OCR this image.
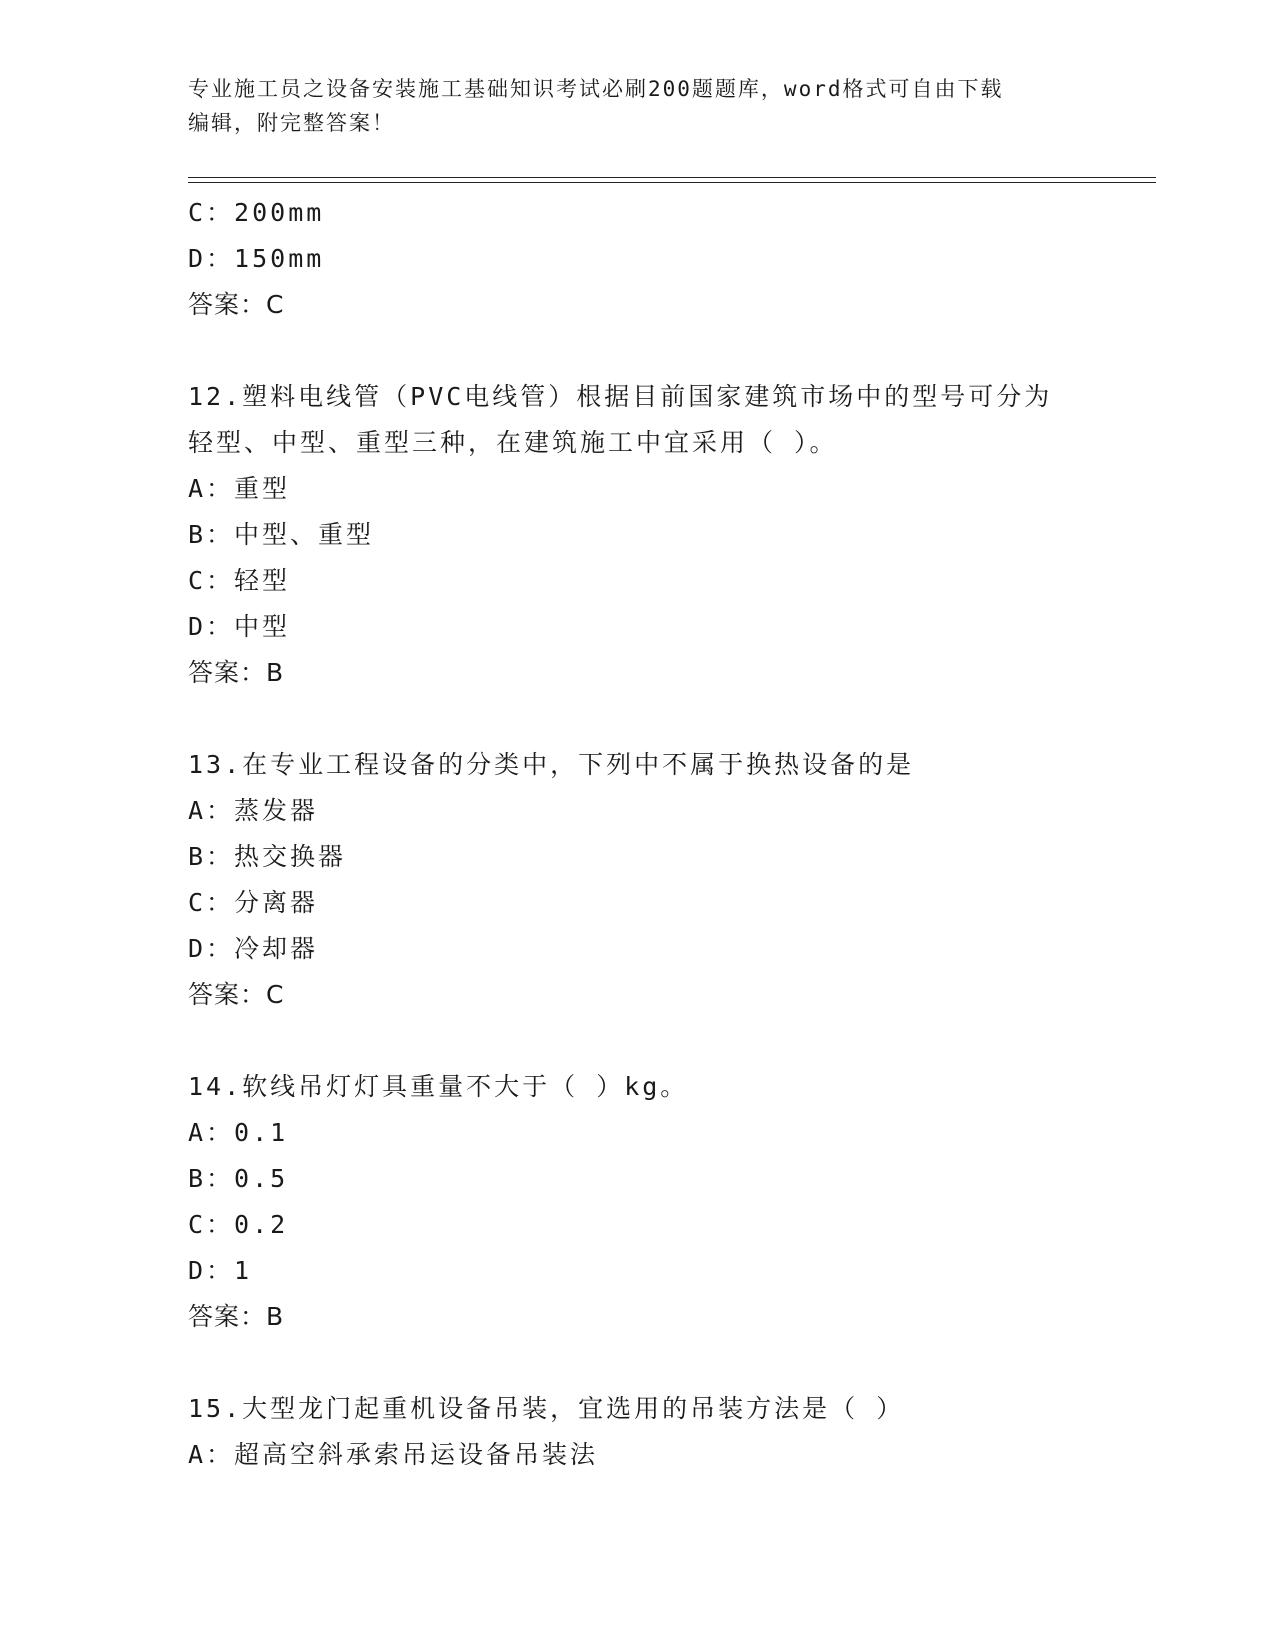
专业施工员之设备安装施工基础知识考试必刷200题题库，word格式可自由下载
编辑，附完整答案！
C：200mm
D：150mm
答案：C
12.塑料电线管（PVC电线管）根据目前国家建筑市场中的型号可分为
轻型、中型、重型三种，在建筑施工中宜采用（ ）。
A：重型
B：中型、重型
C：轻型
D：中型
答案：B
13.在专业工程设备的分类中，下列中不属于换热设备的是
A：蒸发器
B：热交换器
C：分离器
D：冷却器
答案：C
14.软线吊灯灯具重量不大于（ ）kg。
A：0.1
B：0.5
C：0.2
D：1
答案：B
15.大型龙门起重机设备吊装，宜选用的吊装方法是（ ）
A：超高空斜承索吊运设备吊装法
